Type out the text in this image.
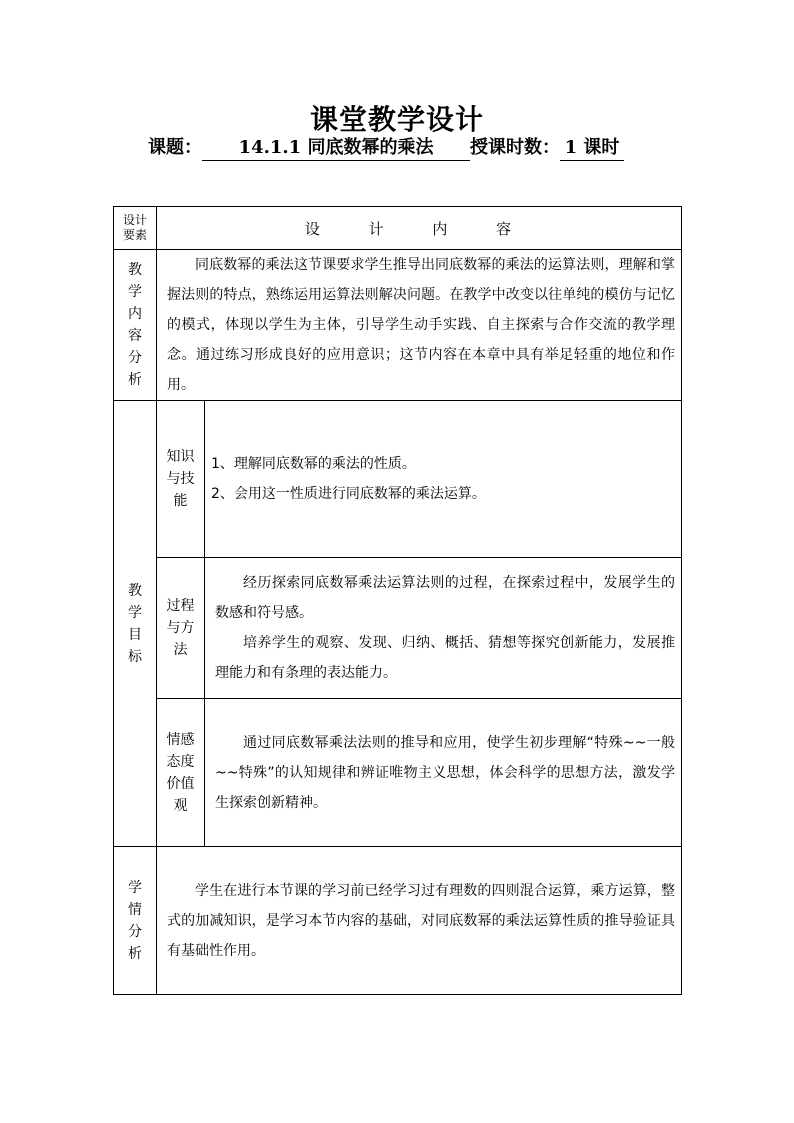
课堂教学设计
课题： 14.1.1 同底数幂的乘法 授课时数： 1 课时
设计要素	设 计 内 容	
教学内容分析	同底数幂的乘法这节课要求学生推导出同底数幂的乘法的运算法则，理解和掌握法则的特点，熟练运用运算法则解决问题。在教学中改变以往单纯的模仿与记忆的模式，体现以学生为主体，引导学生动手实践、自主探索与合作交流的教学理念。通过练习形成良好的应用意识；这节内容在本章中具有举足轻重的地位和作用。	

教学目标	知识与技能	1、理解同底数幂的乘法的性质。

2、会用这一性质进行同底数幂的乘法运算。

	过程与方法	经历探索同底数幂乘法运算法则的过程，在探索过程中，发展学生的数感和符号感。

培养学生的观察、发现、归纳、概括、猜想等探究创新能力，发展推理能力和有条理的表达能力。

	情感态度价值观	通过同底数幂乘法法则的推导和应用，使学生初步理解“特殊~~一般~~特殊”的认知规律和辨证唯物主义思想，体会科学的思想方法，激发学生探索创新精神。

学情分析	学生在进行本节课的学习前已经学习过有理数的四则混合运算，乘方运算，整式的加减知识，是学习本节内容的基础，对同底数幂的乘法运算性质的推导验证具有基础性作用。	
